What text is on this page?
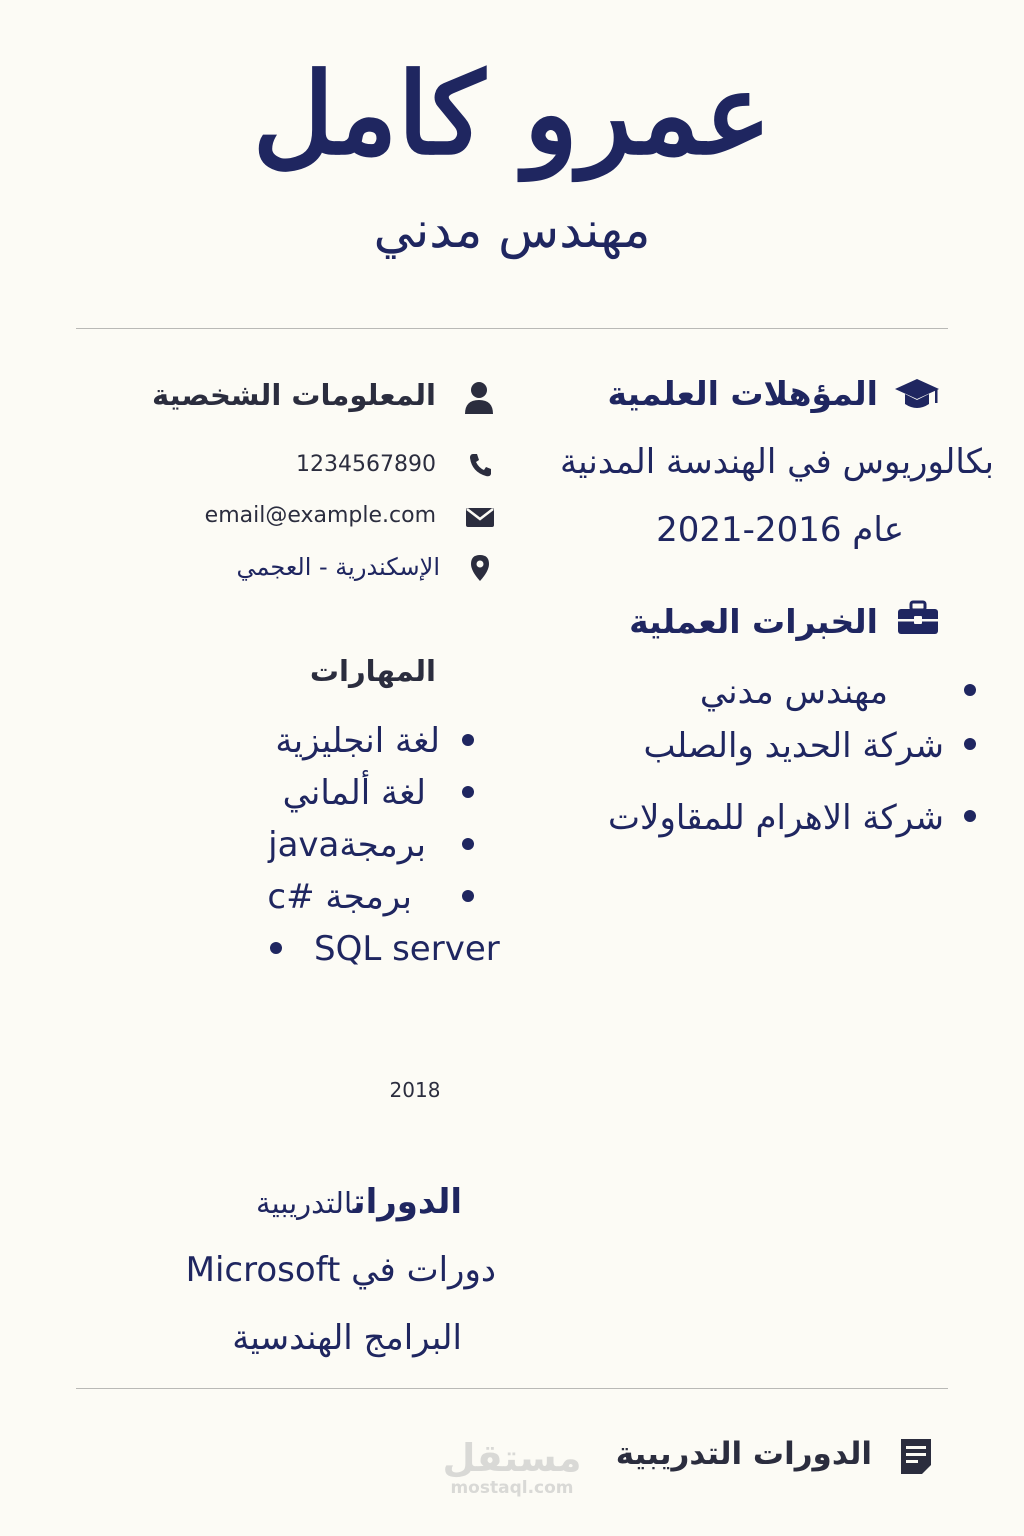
عمرو كامل
مهندس مدني
المؤهلات العلمية
بكالوريوس في الهندسة المدنية
عام 2016-2021
الخبرات العملية
مهندس مدني
شركة الحديد والصلب
شركة الاهرام للمقاولات
المعلومات الشخصية
1234567890
email@example.com
الإسكندرية - العجمي
المهارات
لغة انجليزية
لغة ألماني
برمجةjava
برمجة #c
SQL server
2018
الدوراتالتدريبية
دورات في Microsoft
البرامج الهندسية
الدورات التدريبية
مستقل
mostaql.com
